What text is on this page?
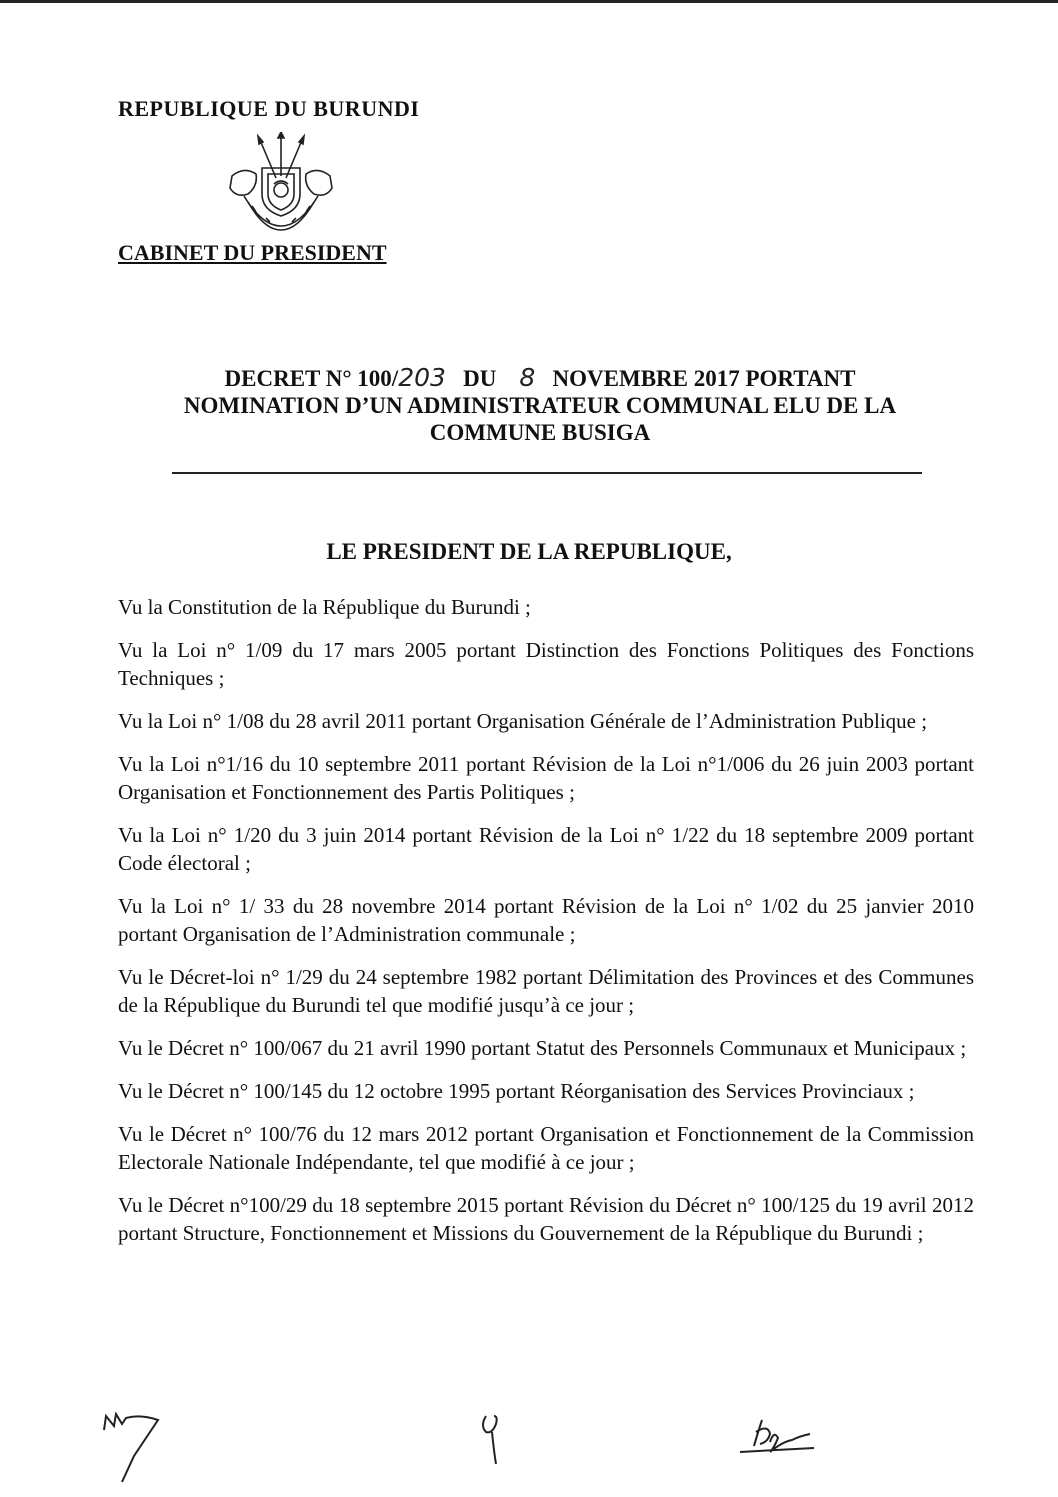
REPUBLIQUE DU BURUNDI
CABINET DU PRESIDENT
DECRET N° 100/203 DU 8 NOVEMBRE 2017 PORTANT
NOMINATION D’UN ADMINISTRATEUR COMMUNAL ELU DE LA
COMMUNE BUSIGA
LE PRESIDENT DE LA REPUBLIQUE,

Vu la Constitution de la République du Burundi ;

Vu la Loi n° 1/09 du 17 mars 2005 portant Distinction des Fonctions Politiques des Fonctions Techniques ;

Vu la Loi n° 1/08 du 28 avril 2011 portant Organisation Générale de l’Administration Publique ;

Vu la Loi n°1/16 du 10 septembre 2011 portant Révision de la Loi n°1/006 du 26 juin 2003 portant Organisation et Fonctionnement des Partis Politiques ;

Vu la Loi n° 1/20 du 3 juin 2014 portant Révision de la Loi n° 1/22 du 18 septembre 2009 portant Code électoral ;

Vu la Loi n° 1/ 33 du 28 novembre 2014 portant Révision de la Loi n° 1/02 du 25 janvier 2010 portant Organisation de l’Administration communale ;

Vu le Décret-loi n° 1/29 du 24 septembre 1982 portant Délimitation des Provinces et des Communes de la République du Burundi tel que modifié jusqu’à ce jour ;

Vu le Décret n° 100/067 du 21 avril 1990 portant Statut des Personnels Communaux et Municipaux ;

Vu le Décret n° 100/145 du 12 octobre 1995 portant Réorganisation des Services Provinciaux ;

Vu le Décret n° 100/76 du 12 mars 2012 portant Organisation et Fonctionnement de la Commission Electorale Nationale Indépendante, tel que modifié à ce jour ;

Vu le Décret n°100/29 du 18 septembre 2015 portant Révision du Décret n° 100/125 du 19 avril 2012 portant Structure, Fonctionnement et Missions du Gouvernement de la République du Burundi ;
